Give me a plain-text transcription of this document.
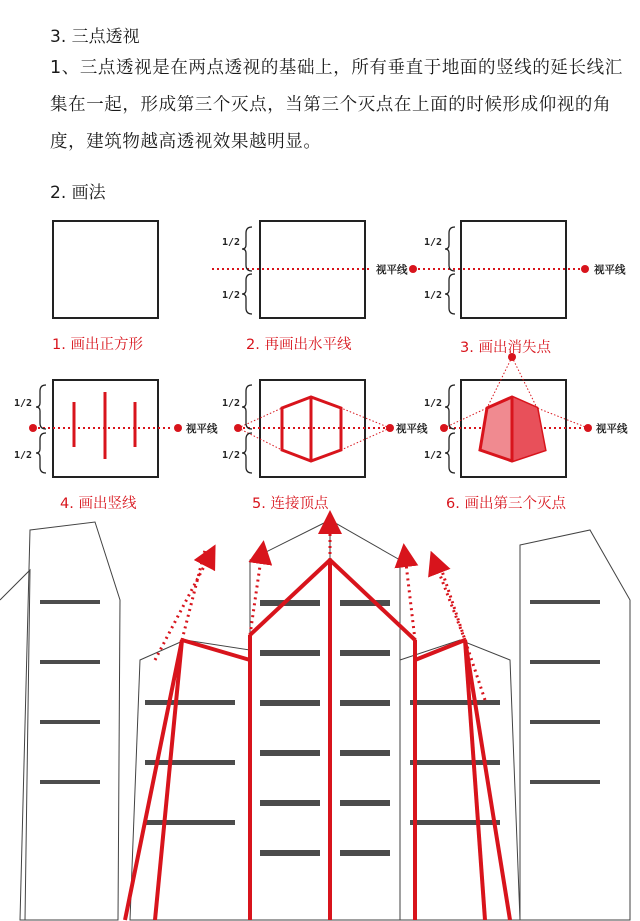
3. 三点透视
1、三点透视是在两点透视的基础上，所有垂直于地面的竖线的延长线汇集在一起，形成第三个灭点，当第三个灭点在上面的时候形成仰视的角度，建筑物越高透视效果越明显。
2. 画法
1. 画出正方形	2. 再画出水平线	3. 画出消失点
4. 画出竖线	5. 连接顶点	6. 画出第三个灭点
1/2
1/2
1/2
1/2
1/2
1/2
1/2
1/2
1/2
1/2
视平线	视平线
视平线	视平线	视平线
